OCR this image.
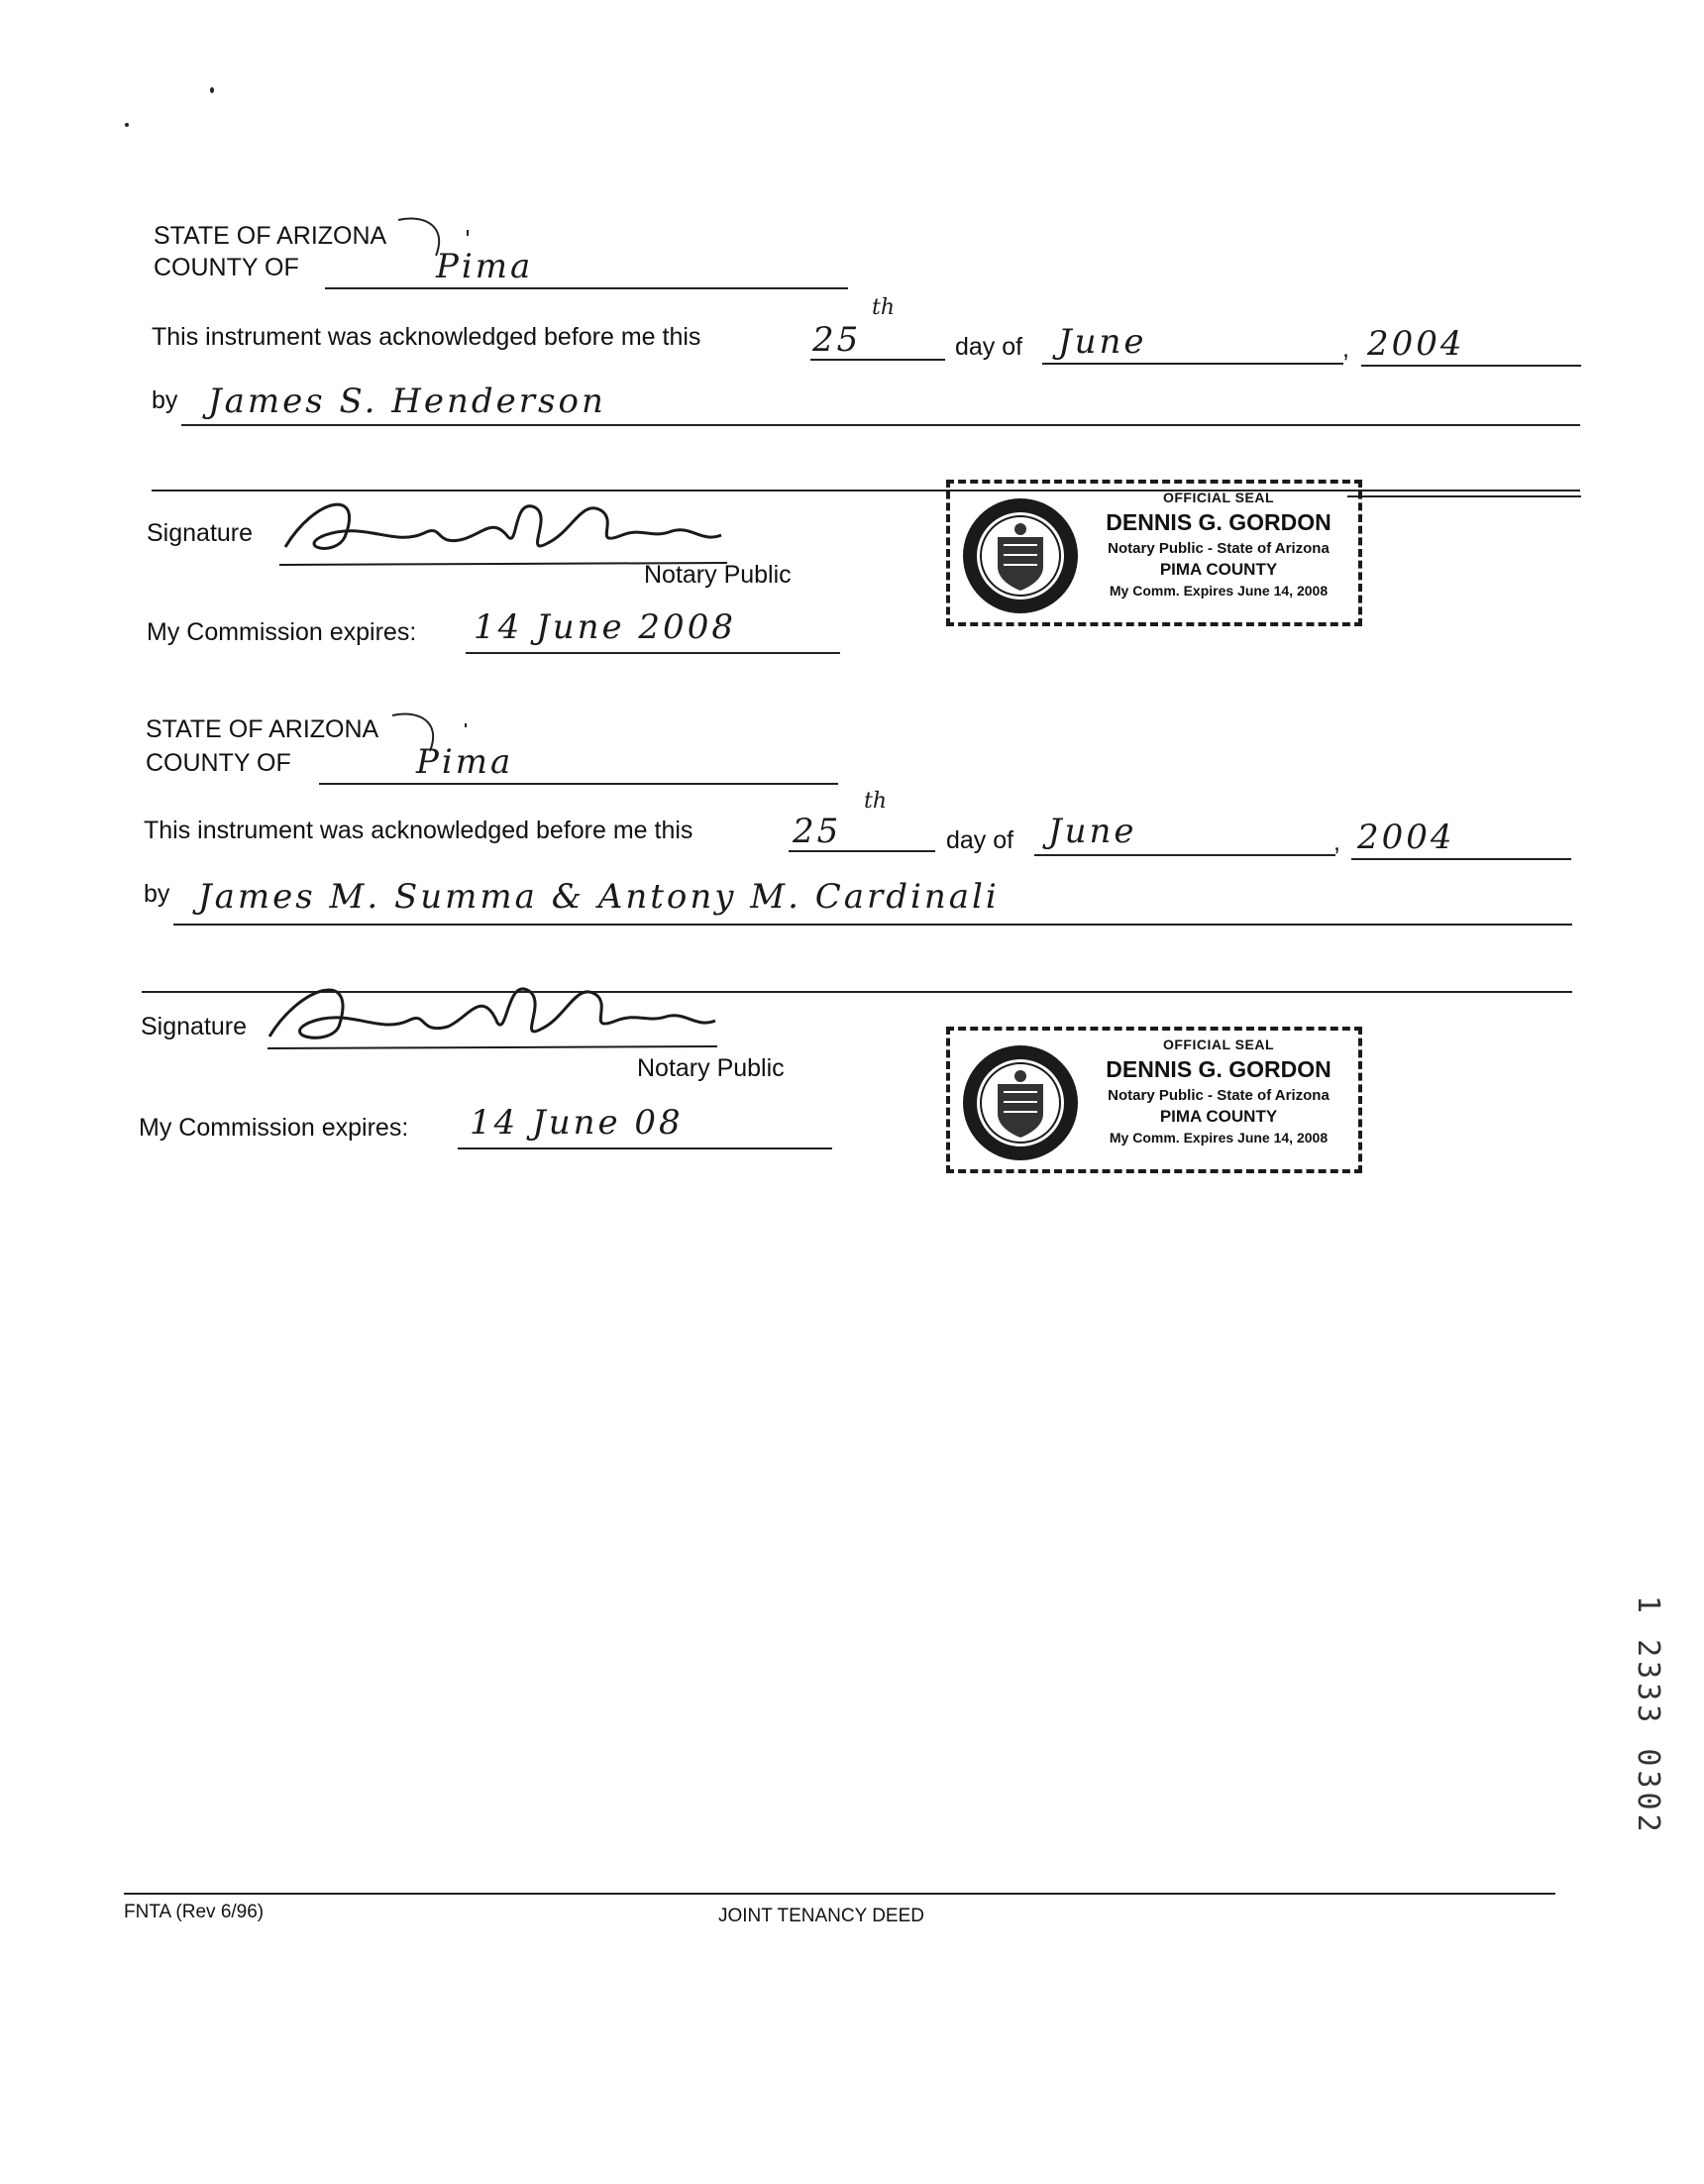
STATE OF ARIZONA
COUNTY OF	Pima
This instrument was acknowledged before me this	25
th
day of June	, 2004
by James S. Henderson
Signature
Notary Public
My Commission expires: 14 June 2008
OFFICIAL SEAL
DENNIS G. GORDON
Notary Public - State of Arizona
PIMA COUNTY
My Comm. Expires June 14, 2008
STATE OF ARIZONA
COUNTY OF	Pima
This instrument was acknowledged before me this	25
th
day of June	, 2004
by James M. Summa & Antony M. Cardinali
Signature
Notary Public
My Commission expires: 14 June 08
OFFICIAL SEAL
DENNIS G. GORDON
Notary Public - State of Arizona
PIMA COUNTY
My Comm. Expires June 14, 2008
1 2333 0302
FNTA (Rev 6/96)	JOINT TENANCY DEED
